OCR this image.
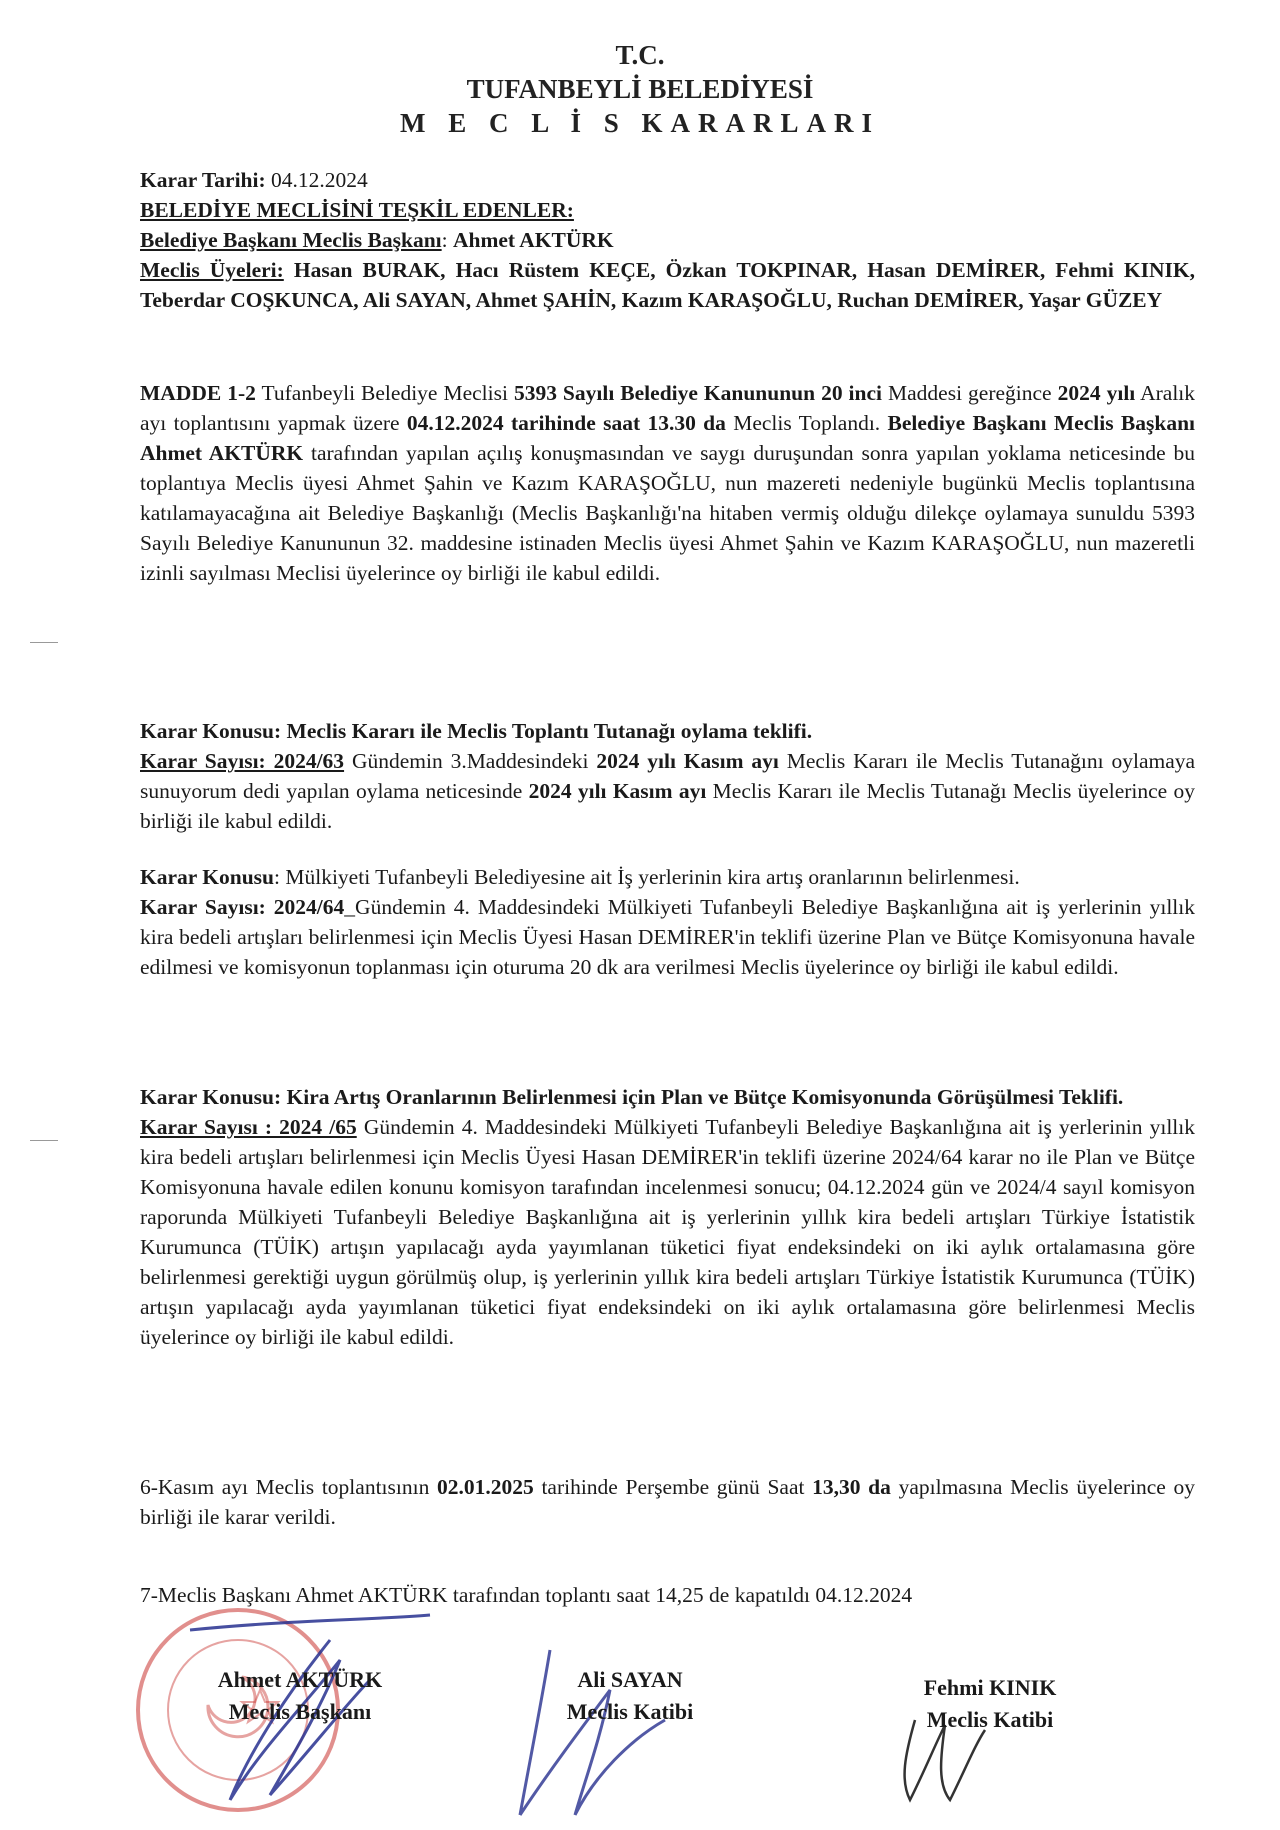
T.C.
TUFANBEYLİ BELEDİYESİ
M E C L İ S KARARLARI
Karar Tarihi: 04.12.2024
BELEDİYE MECLİSİNİ TEŞKİL EDENLER:
Belediye Başkanı Meclis Başkanı: Ahmet AKTÜRK
Meclis Üyeleri: Hasan BURAK, Hacı Rüstem KEÇE, Özkan TOKPINAR, Hasan DEMİRER, Fehmi KINIK, Teberdar COŞKUNCA, Ali SAYAN, Ahmet ŞAHİN, Kazım KARAŞOĞLU, Ruchan DEMİRER, Yaşar GÜZEY
MADDE 1-2 Tufanbeyli Belediye Meclisi 5393 Sayılı Belediye Kanununun 20 inci Maddesi gereğince 2024 yılı Aralık ayı toplantısını yapmak üzere 04.12.2024 tarihinde saat 13.30 da Meclis Toplandı. Belediye Başkanı Meclis Başkanı Ahmet AKTÜRK tarafından yapılan açılış konuşmasından ve saygı duruşundan sonra yapılan yoklama neticesinde bu toplantıya Meclis üyesi Ahmet Şahin ve Kazım KARAŞOĞLU, nun mazereti nedeniyle bugünkü Meclis toplantısına katılamayacağına ait Belediye Başkanlığı (Meclis Başkanlığı'na hitaben vermiş olduğu dilekçe oylamaya sunuldu 5393 Sayılı Belediye Kanununun 32. maddesine istinaden Meclis üyesi Ahmet Şahin ve Kazım KARAŞOĞLU, nun mazeretli izinli sayılması Meclisi üyelerince oy birliği ile kabul edildi.
Karar Konusu: Meclis Kararı ile Meclis Toplantı Tutanağı oylama teklifi.
Karar Sayısı: 2024/63 Gündemin 3.Maddesindeki 2024 yılı Kasım ayı Meclis Kararı ile Meclis Tutanağını oylamaya sunuyorum dedi yapılan oylama neticesinde 2024 yılı Kasım ayı Meclis Kararı ile Meclis Tutanağı Meclis üyelerince oy birliği ile kabul edildi.
Karar Konusu: Mülkiyeti Tufanbeyli Belediyesine ait İş yerlerinin kira artış oranlarının belirlenmesi.
Karar Sayısı: 2024/64_Gündemin 4. Maddesindeki Mülkiyeti Tufanbeyli Belediye Başkanlığına ait iş yerlerinin yıllık kira bedeli artışları belirlenmesi için Meclis Üyesi Hasan DEMİRER'in teklifi üzerine Plan ve Bütçe Komisyonuna havale edilmesi ve komisyonun toplanması için oturuma 20 dk ara verilmesi Meclis üyelerince oy birliği ile kabul edildi.
Karar Konusu: Kira Artış Oranlarının Belirlenmesi için Plan ve Bütçe Komisyonunda Görüşülmesi Teklifi.
Karar Sayısı : 2024 /65 Gündemin 4. Maddesindeki Mülkiyeti Tufanbeyli Belediye Başkanlığına ait iş yerlerinin yıllık kira bedeli artışları belirlenmesi için Meclis Üyesi Hasan DEMİRER'in teklifi üzerine 2024/64 karar no ile Plan ve Bütçe Komisyonuna havale edilen konunu komisyon tarafından incelenmesi sonucu; 04.12.2024 gün ve 2024/4 sayıl komisyon raporunda Mülkiyeti Tufanbeyli Belediye Başkanlığına ait iş yerlerinin yıllık kira bedeli artışları Türkiye İstatistik Kurumunca (TÜİK) artışın yapılacağı ayda yayımlanan tüketici fiyat endeksindeki on iki aylık ortalamasına göre belirlenmesi gerektiği uygun görülmüş olup, iş yerlerinin yıllık kira bedeli artışları Türkiye İstatistik Kurumunca (TÜİK) artışın yapılacağı ayda yayımlanan tüketici fiyat endeksindeki on iki aylık ortalamasına göre belirlenmesi Meclis üyelerince oy birliği ile kabul edildi.
6-Kasım ayı Meclis toplantısının 02.01.2025 tarihinde Perşembe günü Saat 13,30 da yapılmasına Meclis üyelerince oy birliği ile karar verildi.
7-Meclis Başkanı Ahmet AKTÜRK tarafından toplantı saat 14,25 de kapatıldı 04.12.2024
Ahmet AKTÜRK
Meclis Başkanı
Ali SAYAN
Meclis Katibi
Fehmi KINIK
Meclis Katibi
